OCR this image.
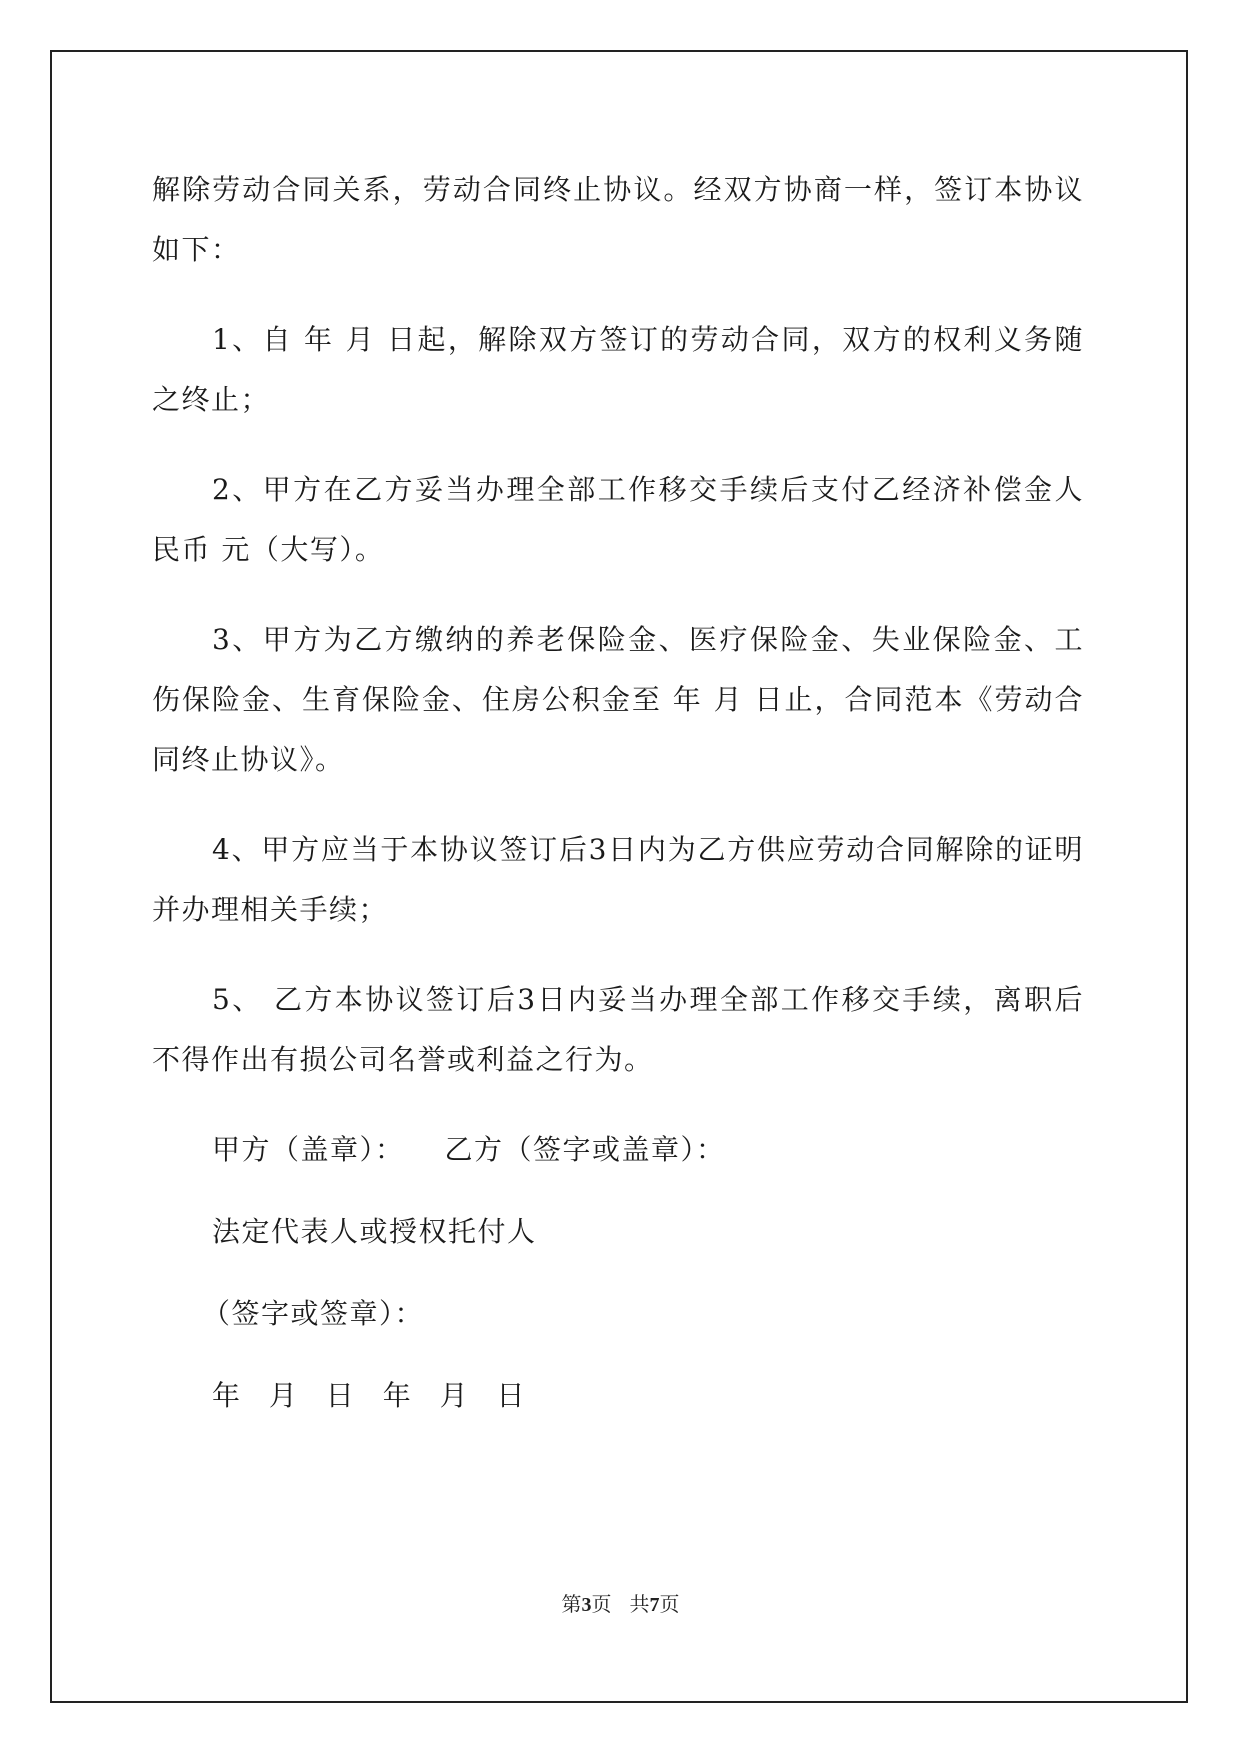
解除劳动合同关系，劳动合同终止协议。经双方协商一样，签订本协议如下：

1、自 年 月 日起，解除双方签订的劳动合同，双方的权利义务随之终止；

2、甲方在乙方妥当办理全部工作移交手续后支付乙经济补偿金人民币 元（大写）。

3、甲方为乙方缴纳的养老保险金、医疗保险金、失业保险金、工伤保险金、生育保险金、住房公积金至 年 月 日止，合同范本《劳动合同终止协议》。

4、甲方应当于本协议签订后3日内为乙方供应劳动合同解除的证明并办理相关手续；

5、 乙方本协议签订后3日内妥当办理全部工作移交手续，离职后不得作出有损公司名誉或利益之行为。

甲方（盖章）： 乙方（签字或盖章）：
法定代表人或授权托付人
（签字或签章）：
年 月 日 年 月 日
第3页 共7页
